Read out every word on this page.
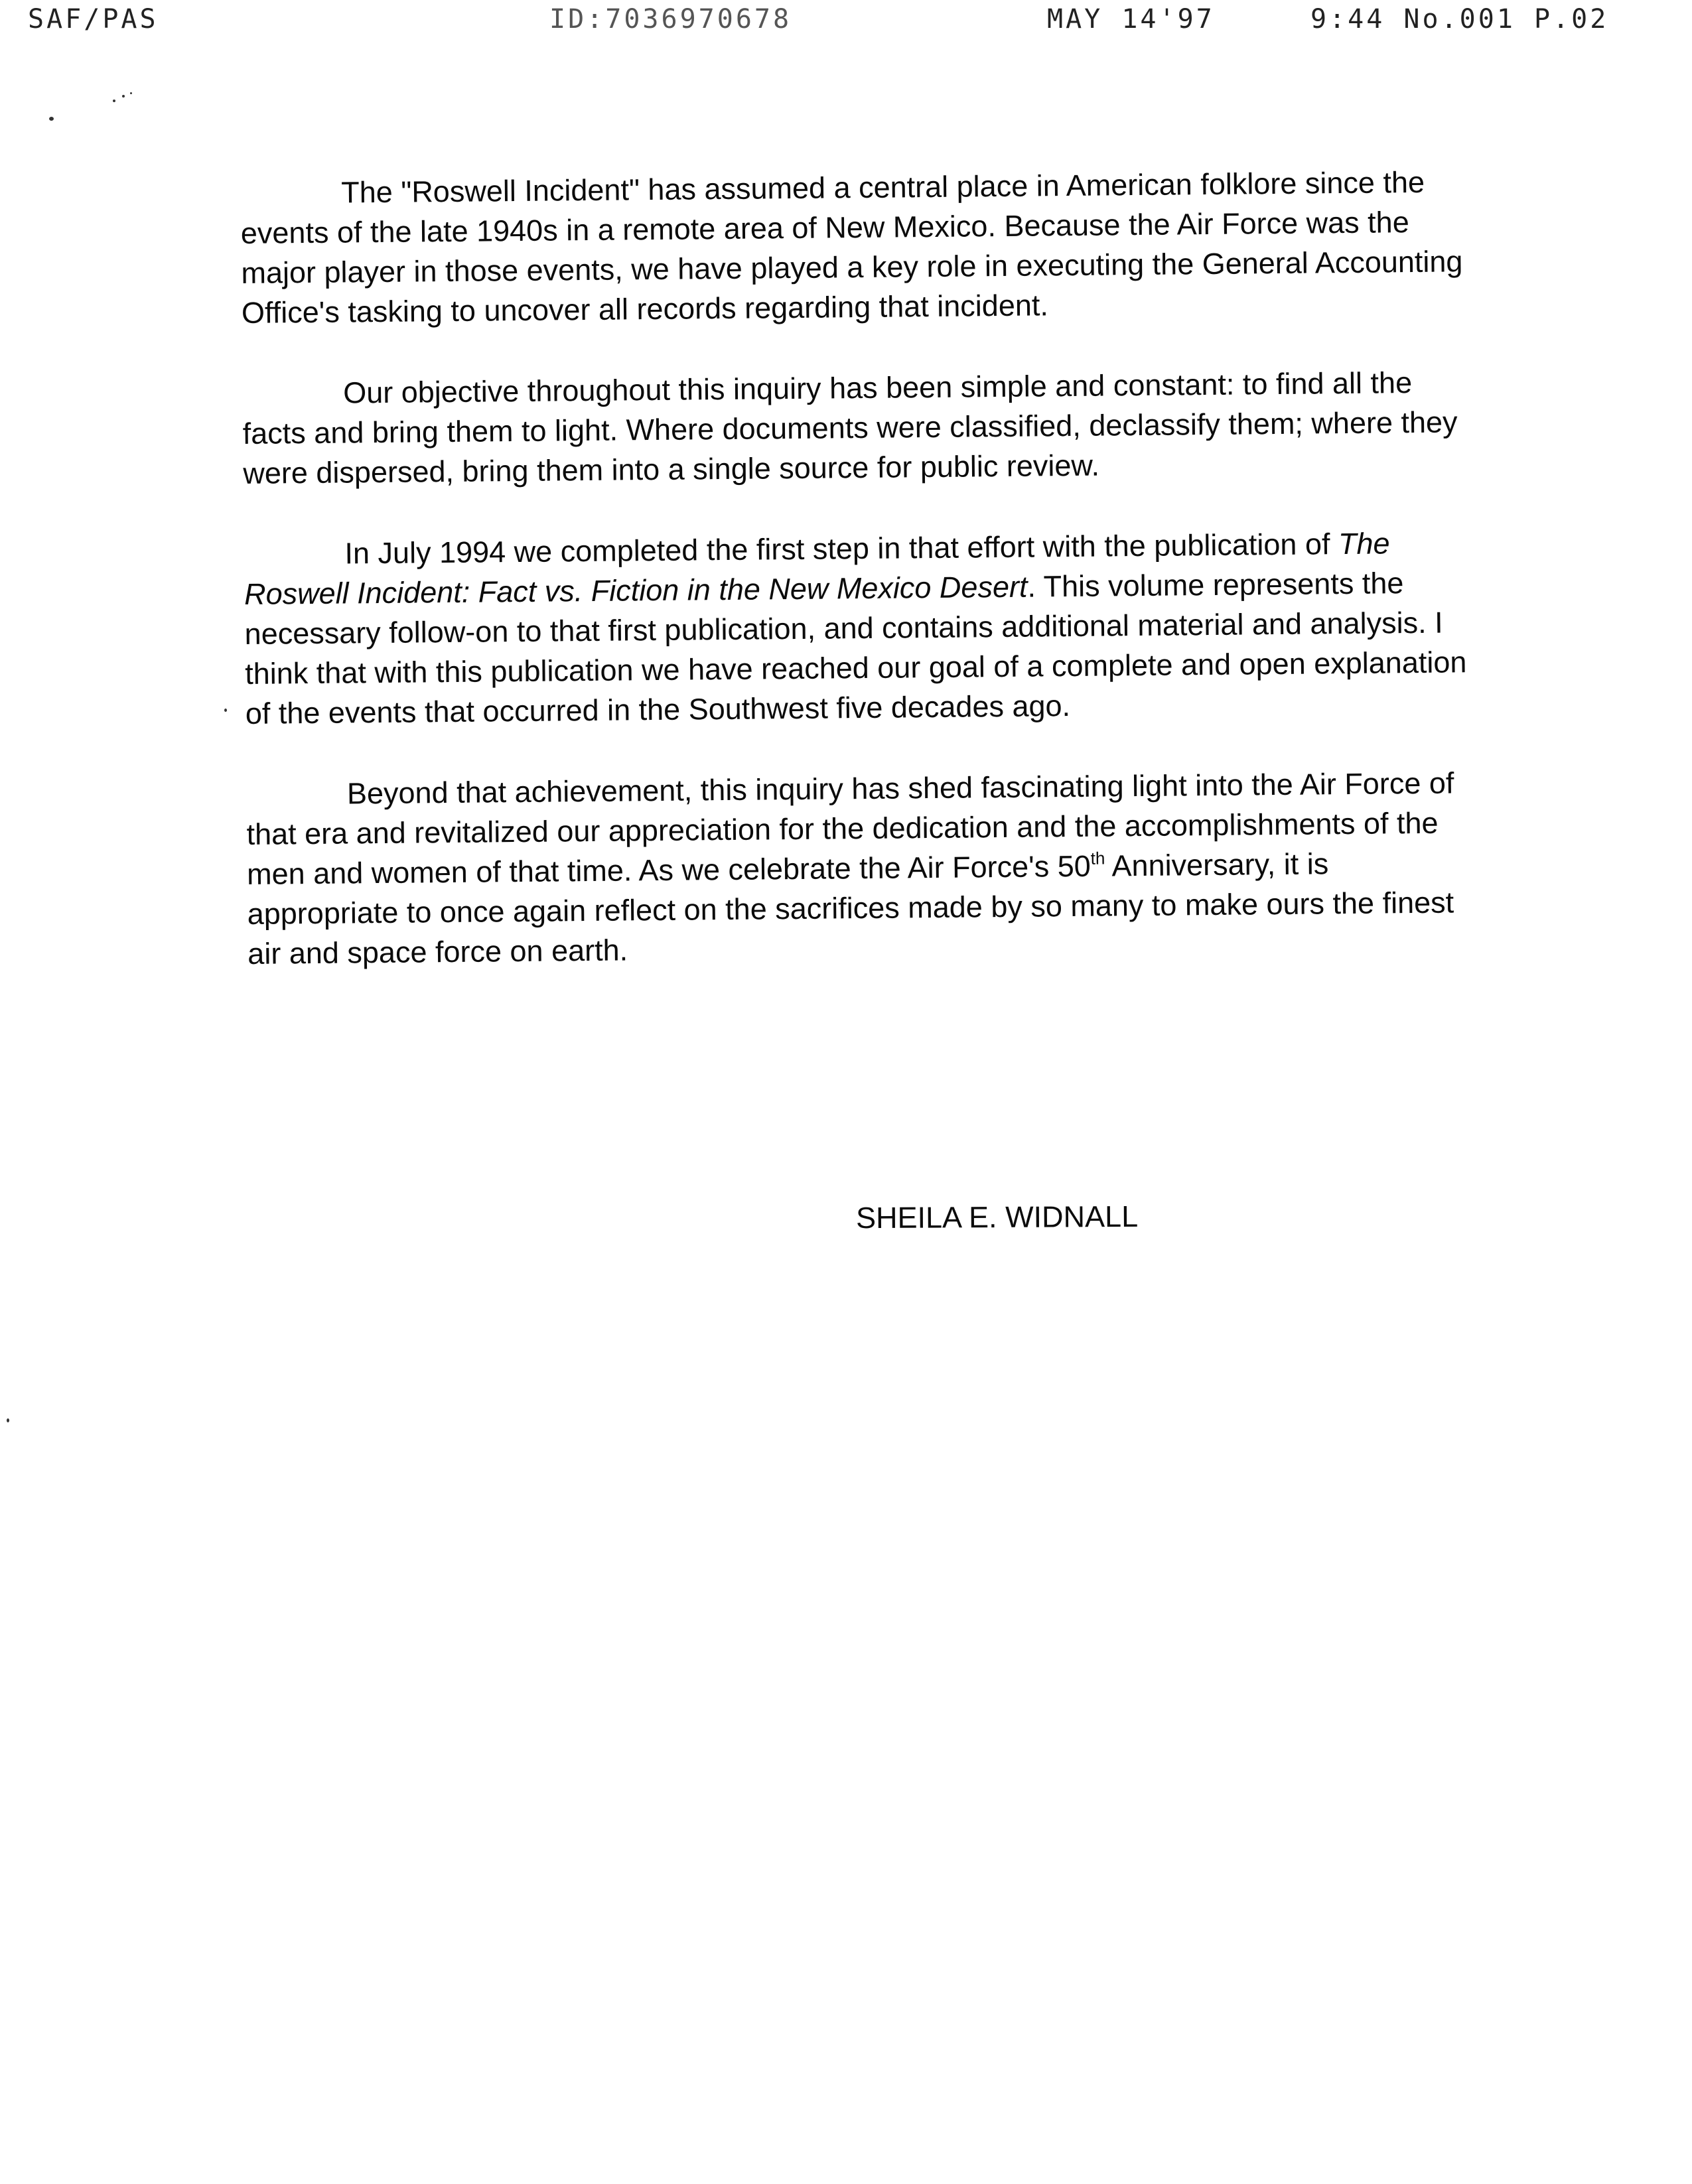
SAF/PAS	ID:7036970678	MAY 14'97	9:44 No.001 P.02

The "Roswell Incident" has assumed a central place in American folklore since the events of the late 1940s in a remote area of New Mexico. Because the Air Force was the major player in those events, we have played a key role in executing the General Accounting Office's tasking to uncover all records regarding that incident.

Our objective throughout this inquiry has been simple and constant: to find all the facts and bring them to light. Where documents were classified, declassify them; where they were dispersed, bring them into a single source for public review.

In July 1994 we completed the first step in that effort with the publication of The Roswell Incident: Fact vs. Fiction in the New Mexico Desert. This volume represents the necessary follow-on to that first publication, and contains additional material and analysis. I think that with this publication we have reached our goal of a complete and open explanation of the events that occurred in the Southwest five decades ago.

Beyond that achievement, this inquiry has shed fascinating light into the Air Force of that era and revitalized our appreciation for the dedication and the accomplishments of the men and women of that time. As we celebrate the Air Force's 50th Anniversary, it is appropriate to once again reflect on the sacrifices made by so many to make ours the finest air and space force on earth.

SHEILA E. WIDNALL
